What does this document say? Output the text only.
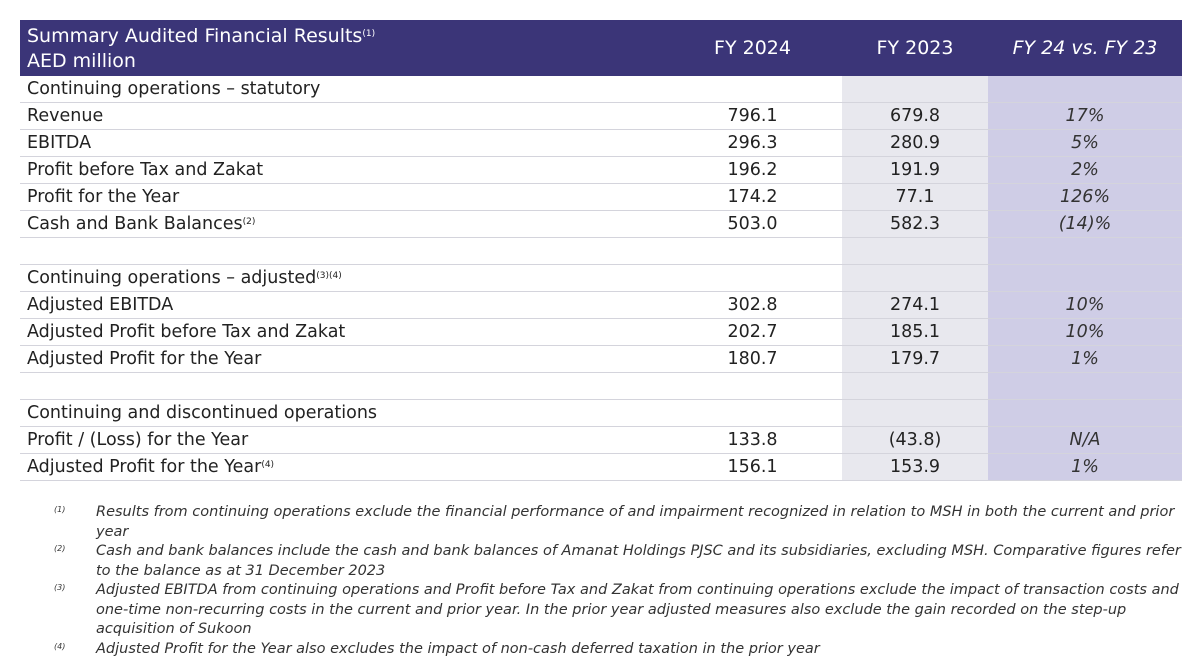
Summary Audited Financial Results$^{(1)}$
AED million
FY 2024	FY 2023	FY 24 vs. FY 23
Continuing operations – statutory
Revenue	796.1	679.8	17%
EBITDA	296.3	280.9	5%
Profit before Tax and Zakat	196.2	191.9	2%
Profit for the Year	174.2	77.1	126%
Cash and Bank Balances$^{(2)}$	503.0	582.3	(14)%
Continuing operations – adjusted$^{(3)(4)}$
Adjusted EBITDA	302.8	274.1	10%
Adjusted Profit before Tax and Zakat	202.7	185.1	10%
Adjusted Profit for the Year	180.7	179.7	1%
Continuing and discontinued operations
Profit / (Loss) for the Year	133.8	(43.8)	N/A
Adjusted Profit for the Year$^{(4)}$	156.1	153.9	1%
(1) Results from continuing operations exclude the financial performance of and impairment recognized in relation to MSH in both the current and prior year
(2) Cash and bank balances include the cash and bank balances of Amanat Holdings PJSC and its subsidiaries, excluding MSH. Comparative figures refer to the balance as at 31 December 2023
(3) Adjusted EBITDA from continuing operations and Profit before Tax and Zakat from continuing operations exclude the impact of transaction costs and one-time non-recurring costs in the current and prior year. In the prior year adjusted measures also exclude the gain recorded on the step-up acquisition of Sukoon
(4) Adjusted Profit for the Year also excludes the impact of non-cash deferred taxation in the prior year
